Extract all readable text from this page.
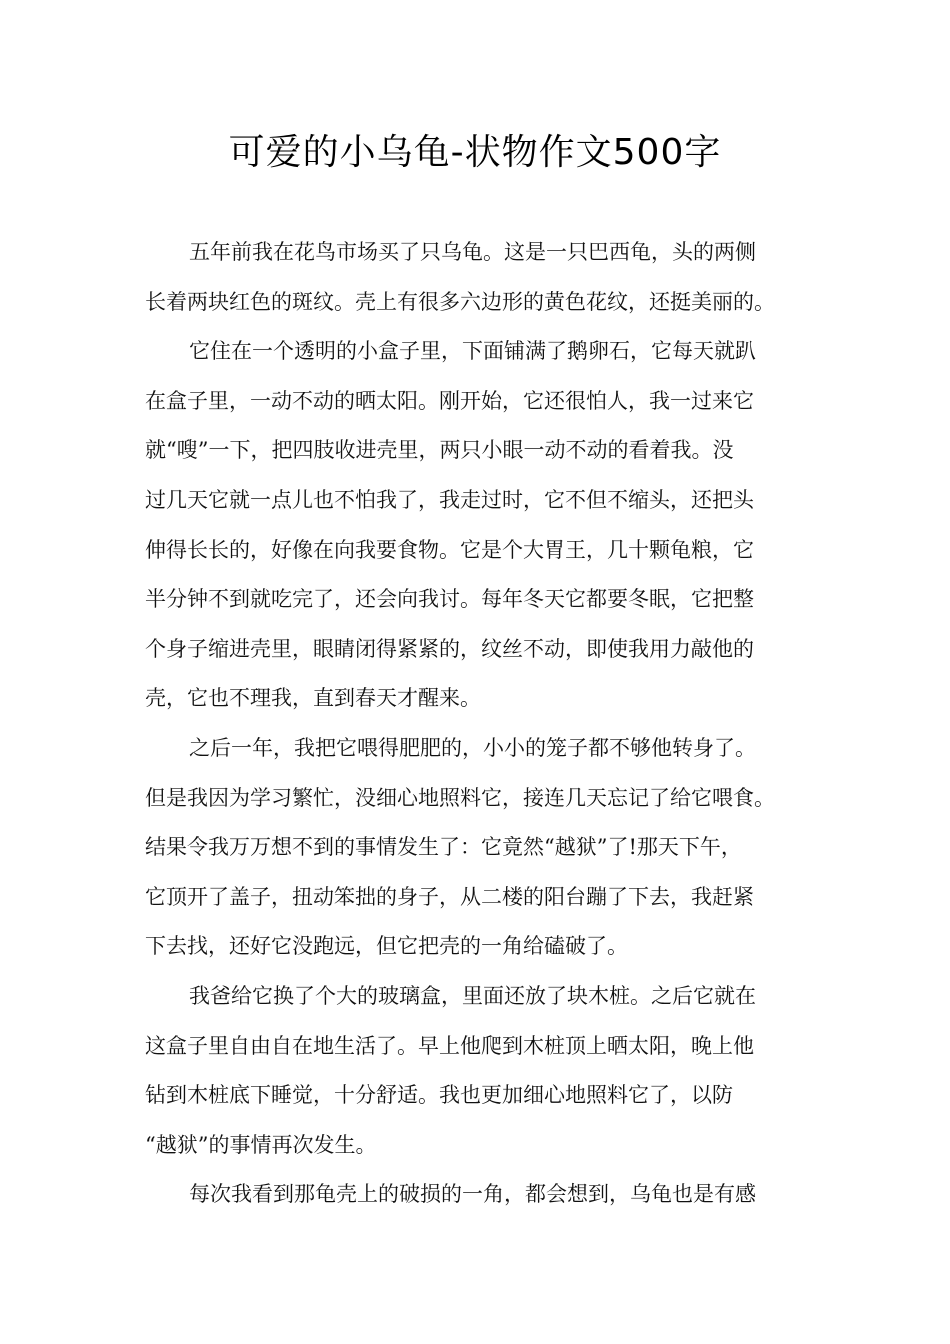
可爱的小乌龟-状物作文500字

五年前我在花鸟市场买了只乌龟。这是一只巴西龟，头的两侧

长着两块红色的斑纹。壳上有很多六边形的黄色花纹，还挺美丽的。

它住在一个透明的小盒子里，下面铺满了鹅卵石，它每天就趴

在盒子里，一动不动的晒太阳。刚开始，它还很怕人，我一过来它

就“嗖”一下，把四肢收进壳里，两只小眼一动不动的看着我。没

过几天它就一点儿也不怕我了，我走过时，它不但不缩头，还把头

伸得长长的，好像在向我要食物。它是个大胃王，几十颗龟粮，它

半分钟不到就吃完了，还会向我讨。每年冬天它都要冬眠，它把整

个身子缩进壳里，眼睛闭得紧紧的，纹丝不动，即使我用力敲他的

壳，它也不理我，直到春天才醒来。

之后一年，我把它喂得肥肥的，小小的笼子都不够他转身了。

但是我因为学习繁忙，没细心地照料它，接连几天忘记了给它喂食。

结果令我万万想不到的事情发生了：它竟然“越狱”了!那天下午，

它顶开了盖子，扭动笨拙的身子，从二楼的阳台蹦了下去，我赶紧

下去找，还好它没跑远，但它把壳的一角给磕破了。

我爸给它换了个大的玻璃盒，里面还放了块木桩。之后它就在

这盒子里自由自在地生活了。早上他爬到木桩顶上晒太阳，晚上他

钻到木桩底下睡觉，十分舒适。我也更加细心地照料它了，以防

“越狱”的事情再次发生。

每次我看到那龟壳上的破损的一角，都会想到，乌龟也是有感
